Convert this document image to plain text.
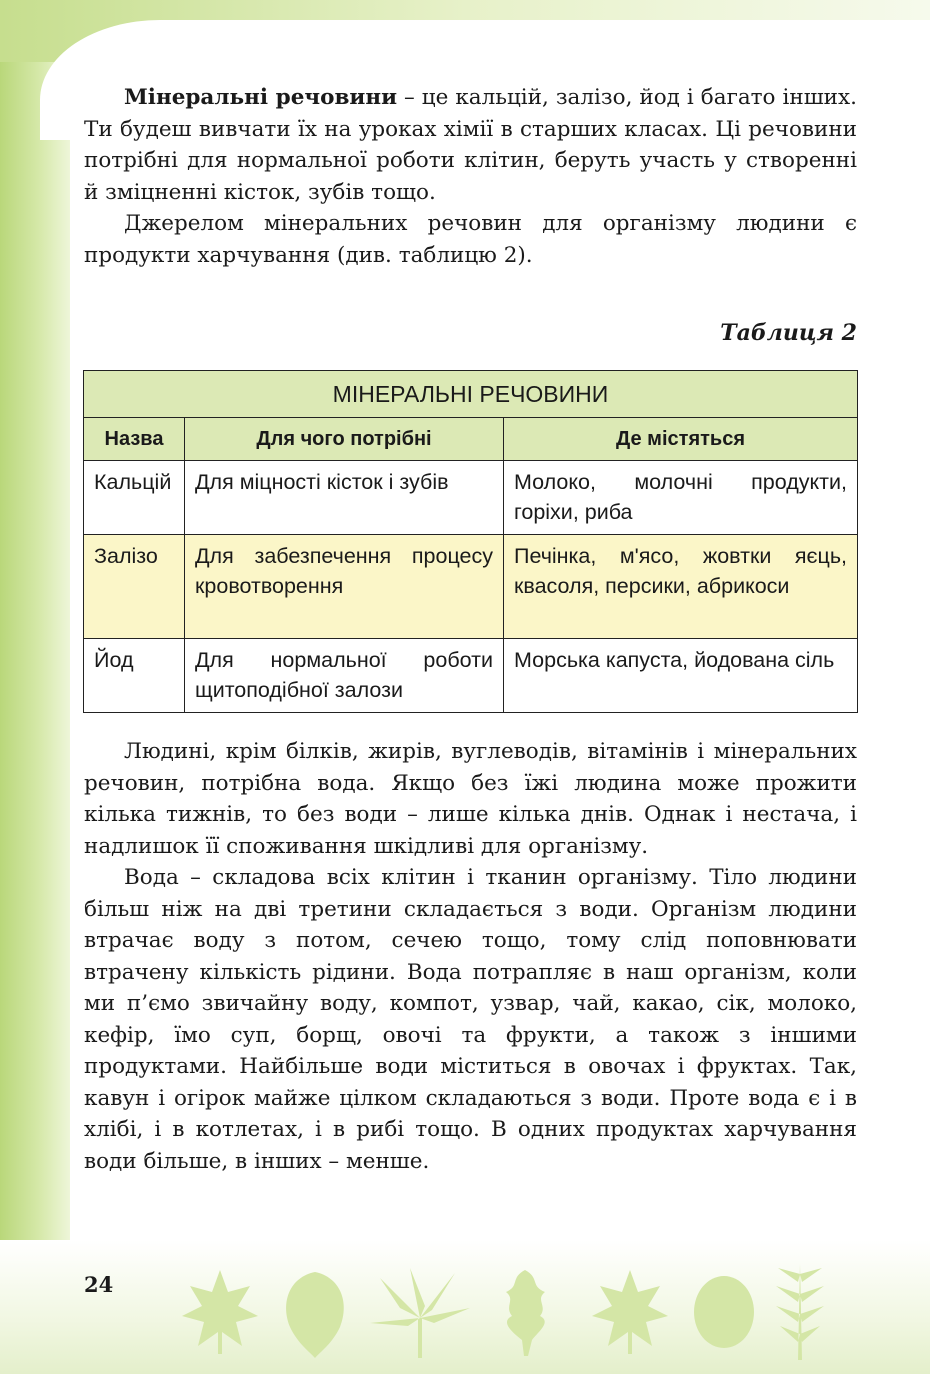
Мінеральні речовини – це кальцій, залізо, йод і багато інших. Ти будеш вивчати їх на уроках хімії в старших класах. Ці речовини потрібні для нормальної роботи клітин, беруть участь у створенні й зміцненні кісток, зубів тощо.

Джерелом мінеральних речовин для організму людини є продукти харчування (див. таблицю 2).

Таблиця 2
МІНЕРАЛЬНІ РЕЧОВИНИ		
Назва	Для чого потрібні	Де містяться
Кальцій	Для міцності кісток і зубів	Молоко, молочні продукти, горіхи, риба
Залізо	Для забезпечення процесу кровотворення	Печінка, м'ясо, жовтки яєць, квасоля, персики, абрикоси
Йод	Для нормальної роботи щитоподібної залози	Морська капуста, йодована сіль

Людині, крім білків, жирів, вуглеводів, вітамінів і мінеральних речовин, потрібна вода. Якщо без їжі людина може прожити кілька тижнів, то без води – лише кілька днів. Однак і нестача, і надлишок її споживання шкідливі для організму.

Вода – складова всіх клітин і тканин організму. Тіло людини більш ніж на дві третини складається з води. Організм людини втрачає воду з потом, сечею тощо, тому слід поповнювати втрачену кількість рідини. Вода потрапляє в наш організм, коли ми п’ємо звичайну воду, компот, узвар, чай, какао, сік, молоко, кефір, їмо суп, борщ, овочі та фрукти, а також з іншими продуктами. Найбільше води міститься в овочах і фруктах. Так, кавун і огірок майже цілком складаються з води. Проте вода є і в хлібі, і в котлетах, і в рибі тощо. В одних продуктах харчування води більше, в інших – менше.

24
